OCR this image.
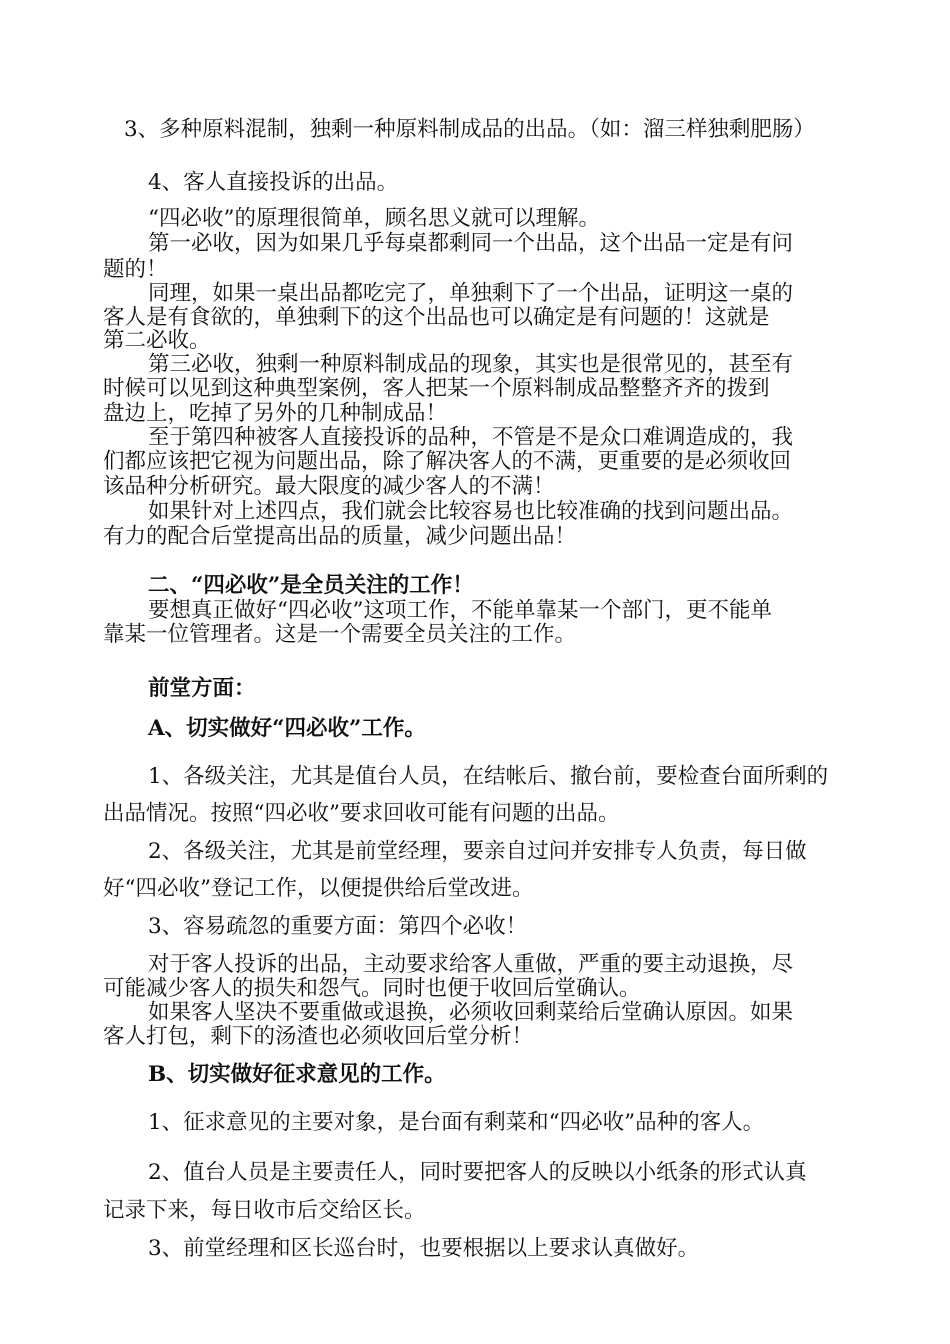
3、多种原料混制，独剩一种原料制成品的出品。（如：溜三样独剩肥肠）
4、客人直接投诉的出品。
“四必收”的原理很简单，顾名思义就可以理解。
第一必收，因为如果几乎每桌都剩同一个出品，这个出品一定是有问
题的！
同理，如果一桌出品都吃完了，单独剩下了一个出品，证明这一桌的
客人是有食欲的，单独剩下的这个出品也可以确定是有问题的！这就是
第二必收。
第三必收，独剩一种原料制成品的现象，其实也是很常见的，甚至有
时候可以见到这种典型案例，客人把某一个原料制成品整整齐齐的拨到
盘边上，吃掉了另外的几种制成品！
至于第四种被客人直接投诉的品种，不管是不是众口难调造成的，我
们都应该把它视为问题出品，除了解决客人的不满，更重要的是必须收回
该品种分析研究。最大限度的减少客人的不满！
如果针对上述四点，我们就会比较容易也比较准确的找到问题出品。
有力的配合后堂提高出品的质量，减少问题出品！
二、“四必收”是全员关注的工作！
要想真正做好“四必收”这项工作，不能单靠某一个部门，更不能单
靠某一位管理者。这是一个需要全员关注的工作。
前堂方面：
A、切实做好“四必收”工作。
1、各级关注，尤其是值台人员，在结帐后、撤台前，要检查台面所剩的
出品情况。按照“四必收”要求回收可能有问题的出品。
2、各级关注，尤其是前堂经理，要亲自过问并安排专人负责，每日做
好“四必收”登记工作，以便提供给后堂改进。
3、容易疏忽的重要方面：第四个必收！
对于客人投诉的出品，主动要求给客人重做，严重的要主动退换，尽
可能减少客人的损失和怨气。同时也便于收回后堂确认。
如果客人坚决不要重做或退换，必须收回剩菜给后堂确认原因。如果
客人打包，剩下的汤渣也必须收回后堂分析！
B、切实做好征求意见的工作。
1、征求意见的主要对象，是台面有剩菜和“四必收”品种的客人。
2、值台人员是主要责任人，同时要把客人的反映以小纸条的形式认真
记录下来，每日收市后交给区长。
3、前堂经理和区长巡台时，也要根据以上要求认真做好。
